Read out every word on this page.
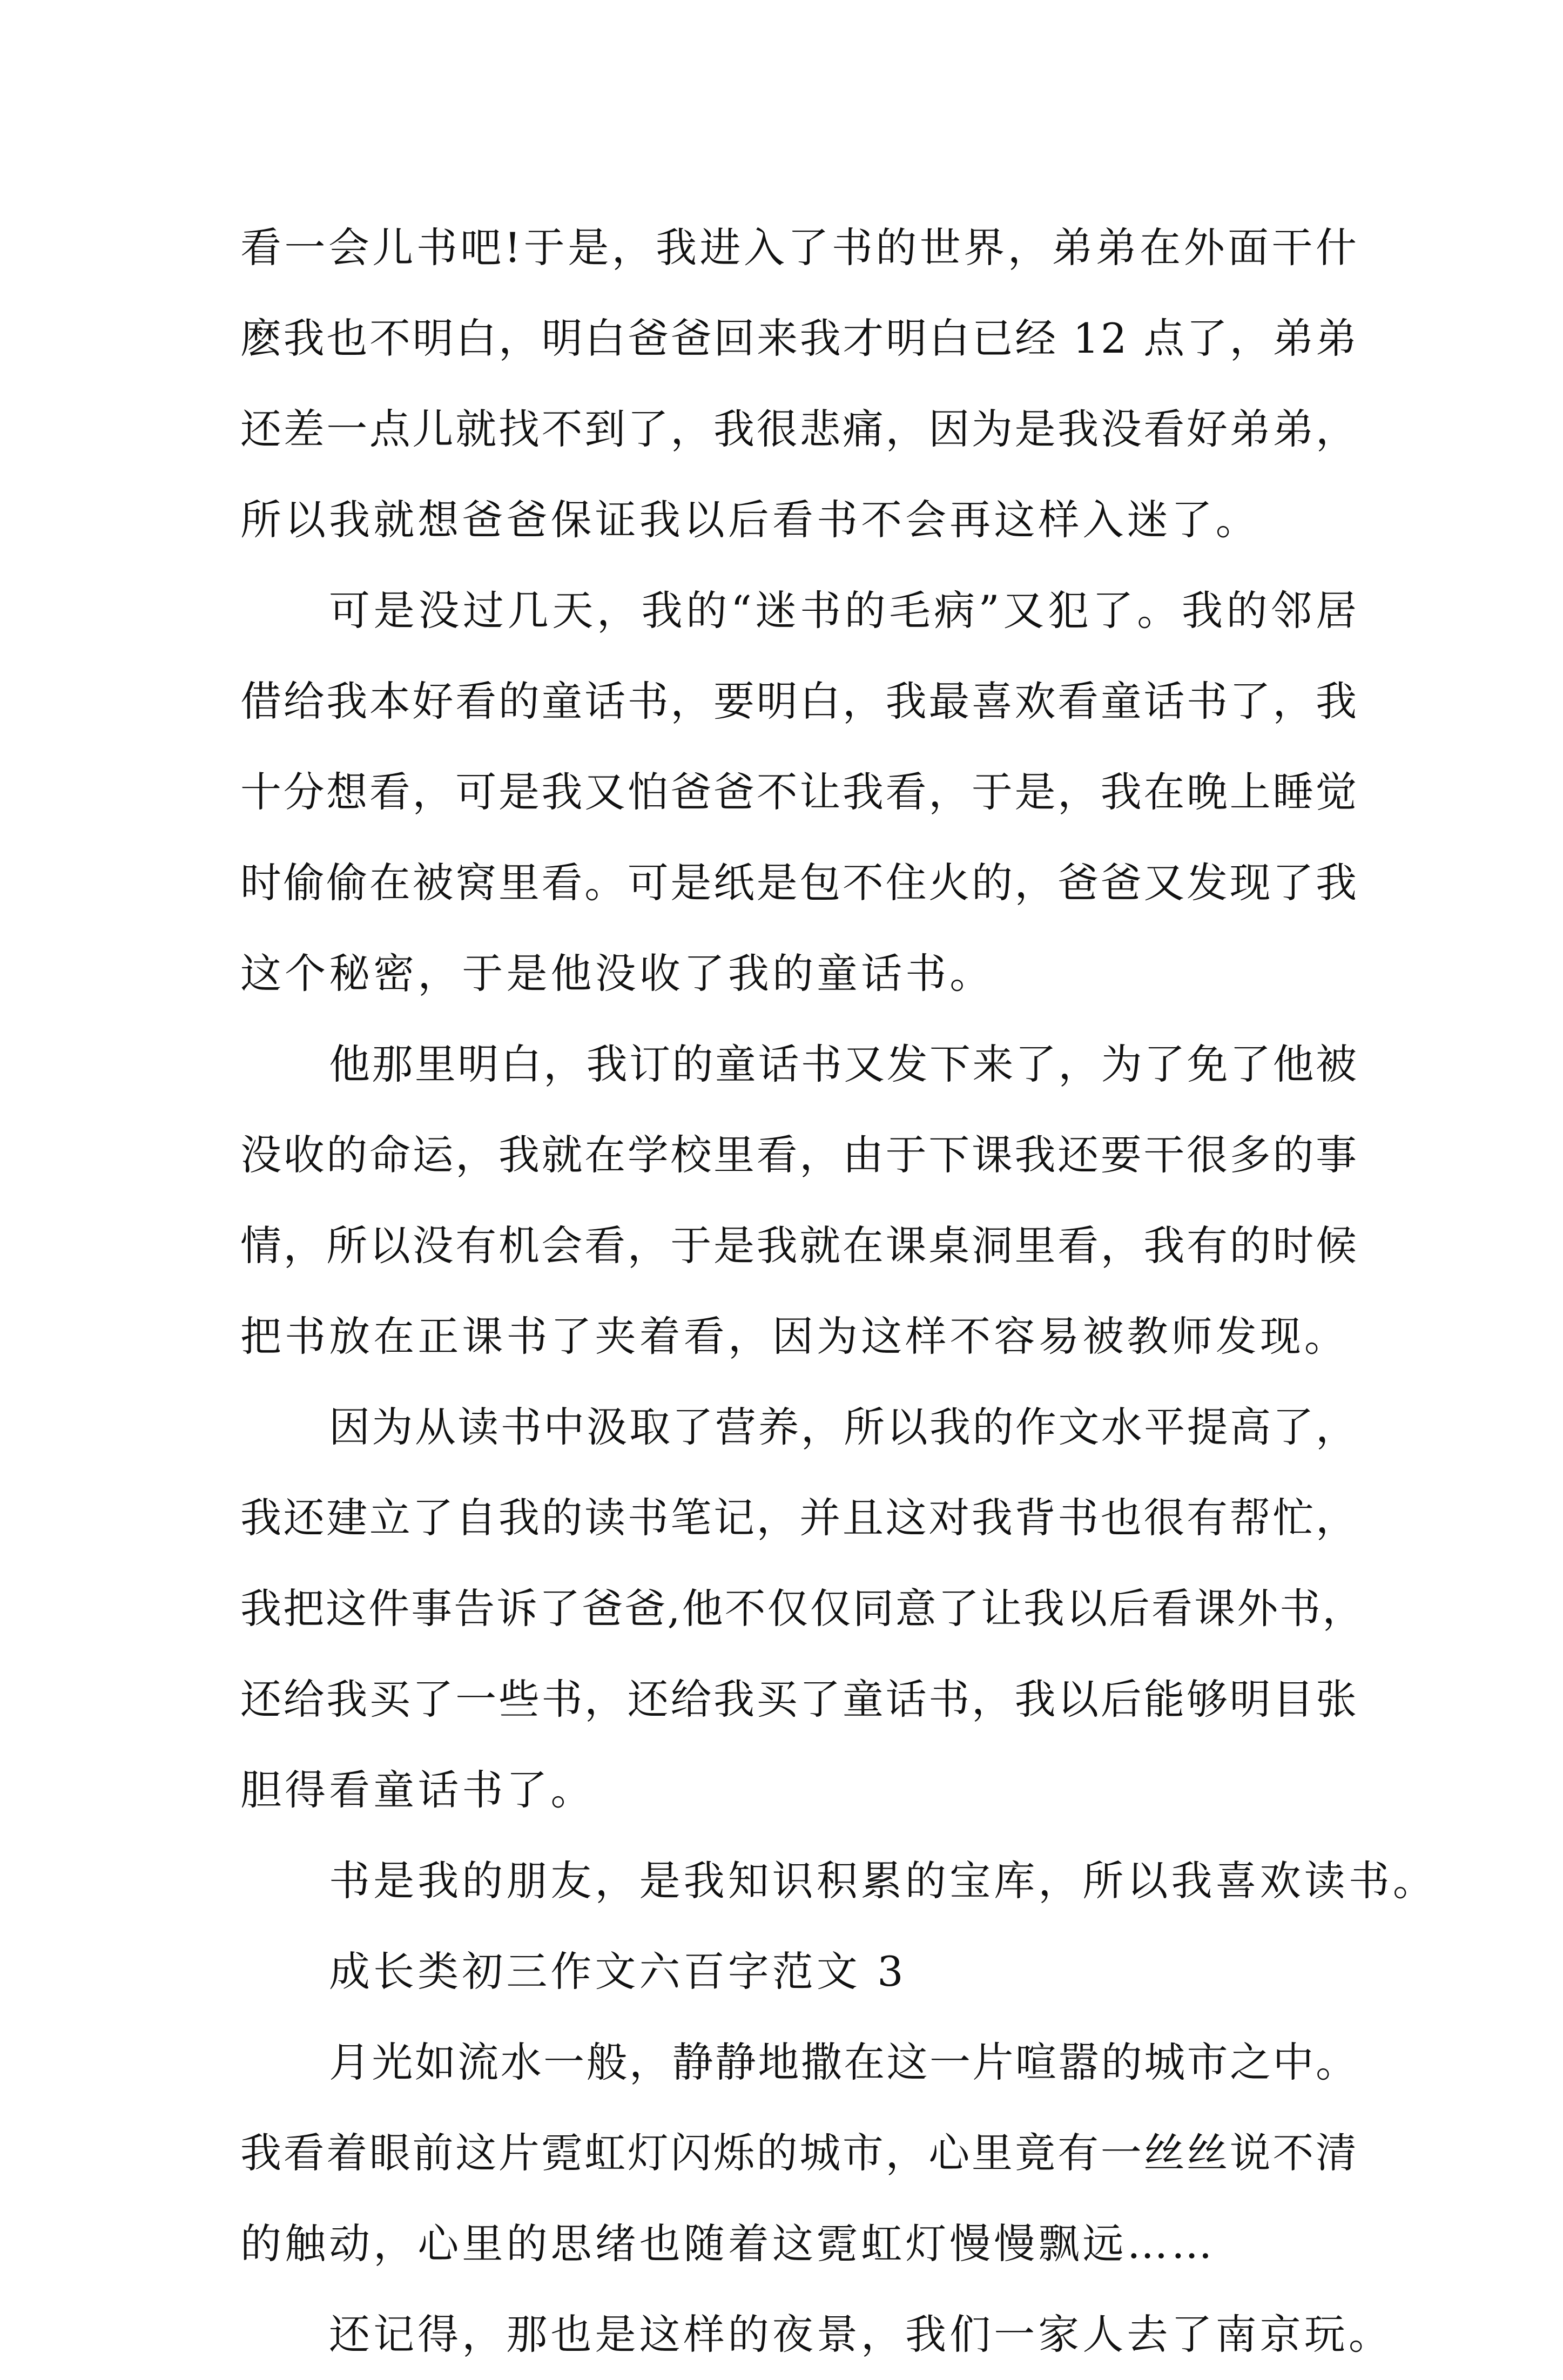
看一会儿书吧!于是，我进入了书的世界，弟弟在外面干什
麽我也不明白，明白爸爸回来我才明白已经 12 点了，弟弟
还差一点儿就找不到了，我很悲痛，因为是我没看好弟弟，
所以我就想爸爸保证我以后看书不会再这样入迷了。
可是没过几天，我的“迷书的毛病”又犯了。我的邻居
借给我本好看的童话书，要明白，我最喜欢看童话书了，我
十分想看，可是我又怕爸爸不让我看，于是，我在晚上睡觉
时偷偷在被窝里看。可是纸是包不住火的，爸爸又发现了我
这个秘密，于是他没收了我的童话书。
他那里明白，我订的童话书又发下来了，为了免了他被
没收的命运，我就在学校里看，由于下课我还要干很多的事
情，所以没有机会看，于是我就在课桌洞里看，我有的时候
把书放在正课书了夹着看，因为这样不容易被教师发现。
因为从读书中汲取了营养，所以我的作文水平提高了，
我还建立了自我的读书笔记，并且这对我背书也很有帮忙，
我把这件事告诉了爸爸,他不仅仅同意了让我以后看课外书，
还给我买了一些书，还给我买了童话书，我以后能够明目张
胆得看童话书了。
书是我的朋友，是我知识积累的宝库，所以我喜欢读书。
成长类初三作文六百字范文 3
月光如流水一般，静静地撒在这一片喧嚣的城市之中。
我看着眼前这片霓虹灯闪烁的城市，心里竟有一丝丝说不清
的触动，心里的思绪也随着这霓虹灯慢慢飘远……
还记得，那也是这样的夜景，我们一家人去了南京玩。
